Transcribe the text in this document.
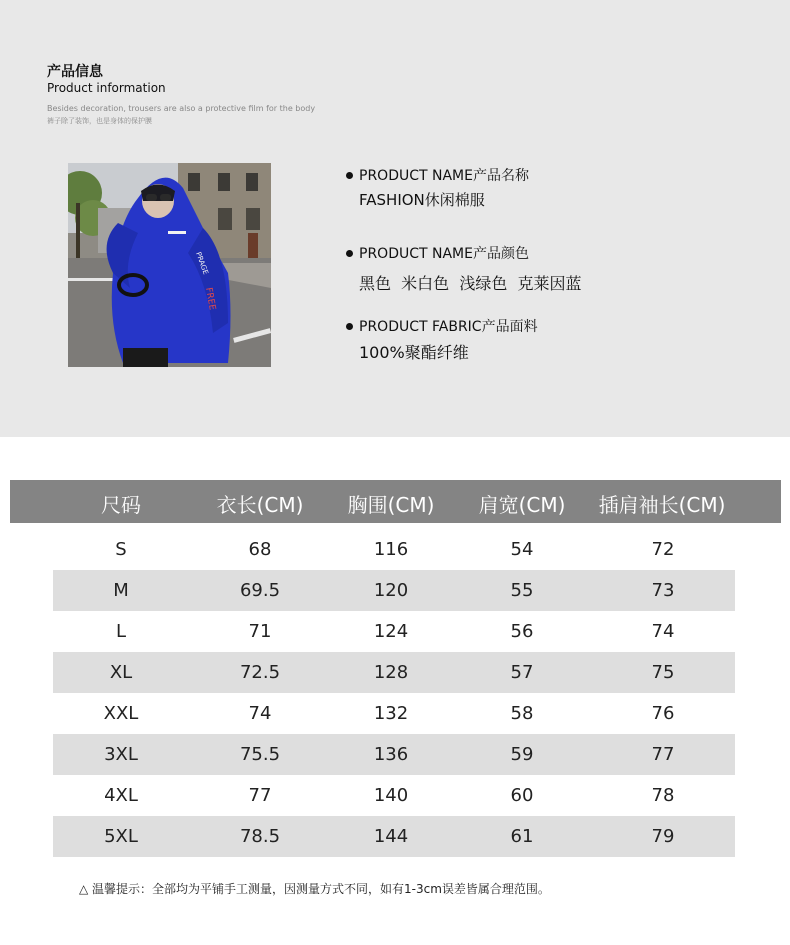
产品信息
Product information
Besides decoration, trousers are also a protective film for the body
裤子除了装饰，也是身体的保护膜
PRAGE
FREE
PRODUCT NAME产品名称
FASHION休闲棉服
PRODUCT NAME产品颜色
黑色  米白色  浅绿色  克莱因蓝
PRODUCT FABRIC产品面料
100%聚酯纤维
尺码	衣长(CM) 胸围(CM) 肩宽(CM) 插肩袖长(CM)
S	68	116	54	72
M	69.5	120	55	73
L	71	124	56	74
XL	72.5	128	57	75
XXL	74	132	58	76
3XL	75.5	136	59	77
4XL	77	140	60	78
5XL	78.5	144	61	79
△ 温馨提示：全部均为平铺手工测量，因测量方式不同，如有1-3cm误差皆属合理范围。
